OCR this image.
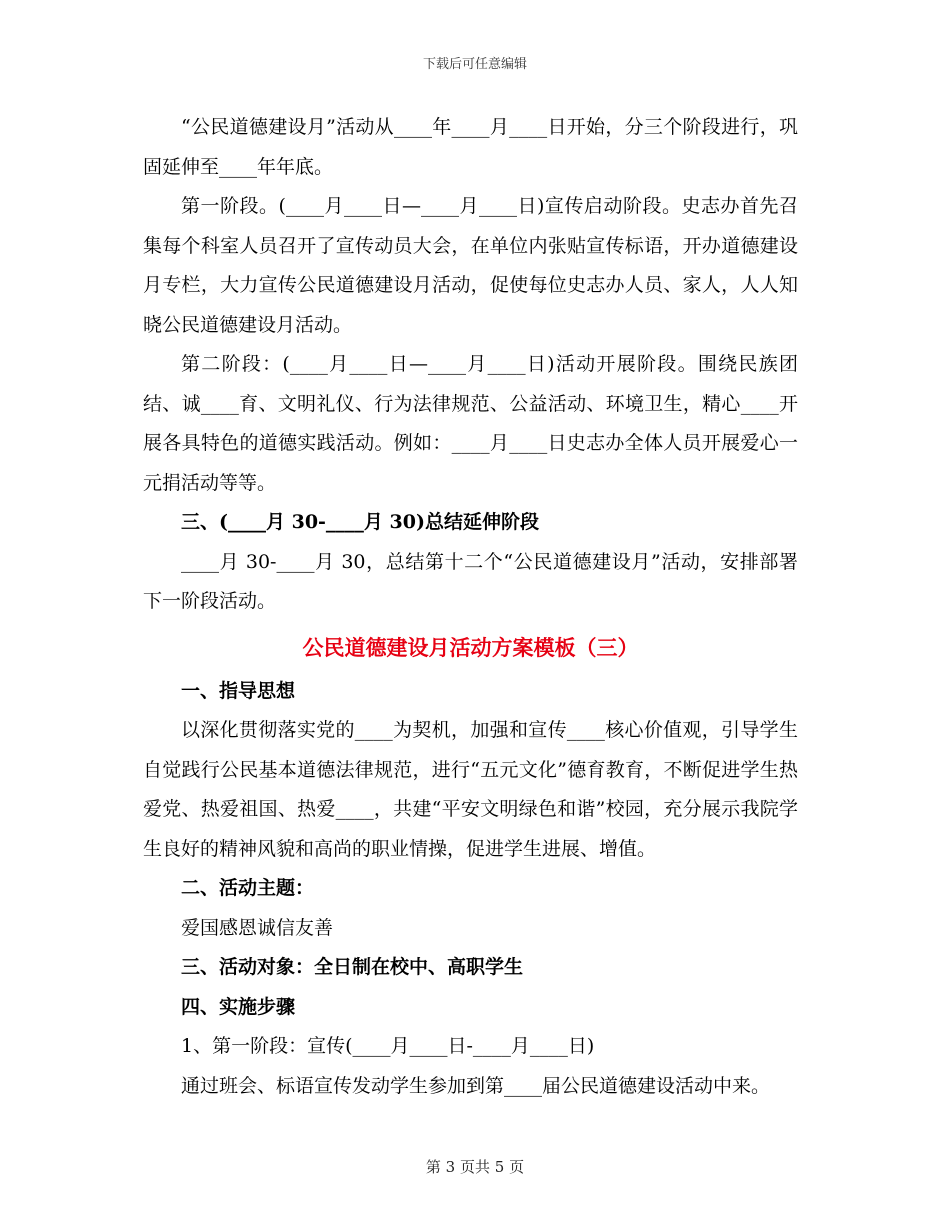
下载后可任意编辑

“公民道德建设月”活动从____年____月____日开始，分三个阶段进行，巩固延伸至____年年底。

第一阶段。(____月____日—____月____日)宣传启动阶段。史志办首先召集每个科室人员召开了宣传动员大会，在单位内张贴宣传标语，开办道德建设月专栏，大力宣传公民道德建设月活动，促使每位史志办人员、家人，人人知晓公民道德建设月活动。

第二阶段：(____月____日—____月____日)活动开展阶段。围绕民族团结、诚____育、文明礼仪、行为法律规范、公益活动、环境卫生，精心____开展各具特色的道德实践活动。例如：____月____日史志办全体人员开展爱心一元捐活动等等。

三、(____月 30-____月 30)总结延伸阶段

____月 30-____月 30，总结第十二个“公民道德建设月”活动，安排部署下一阶段活动。

公民道德建设月活动方案模板（三）

一、指导思想

以深化贯彻落实党的____为契机，加强和宣传____核心价值观，引导学生自觉践行公民基本道德法律规范，进行“五元文化”德育教育，不断促进学生热爱党、热爱祖国、热爱____，共建“平安文明绿色和谐”校园，充分展示我院学生良好的精神风貌和高尚的职业情操，促进学生进展、增值。

二、活动主题：

爱国感恩诚信友善

三、活动对象：全日制在校中、高职学生

四、实施步骤

1、第一阶段：宣传(____月____日-____月____日)

通过班会、标语宣传发动学生参加到第____届公民道德建设活动中来。

第 3 页共 5 页
